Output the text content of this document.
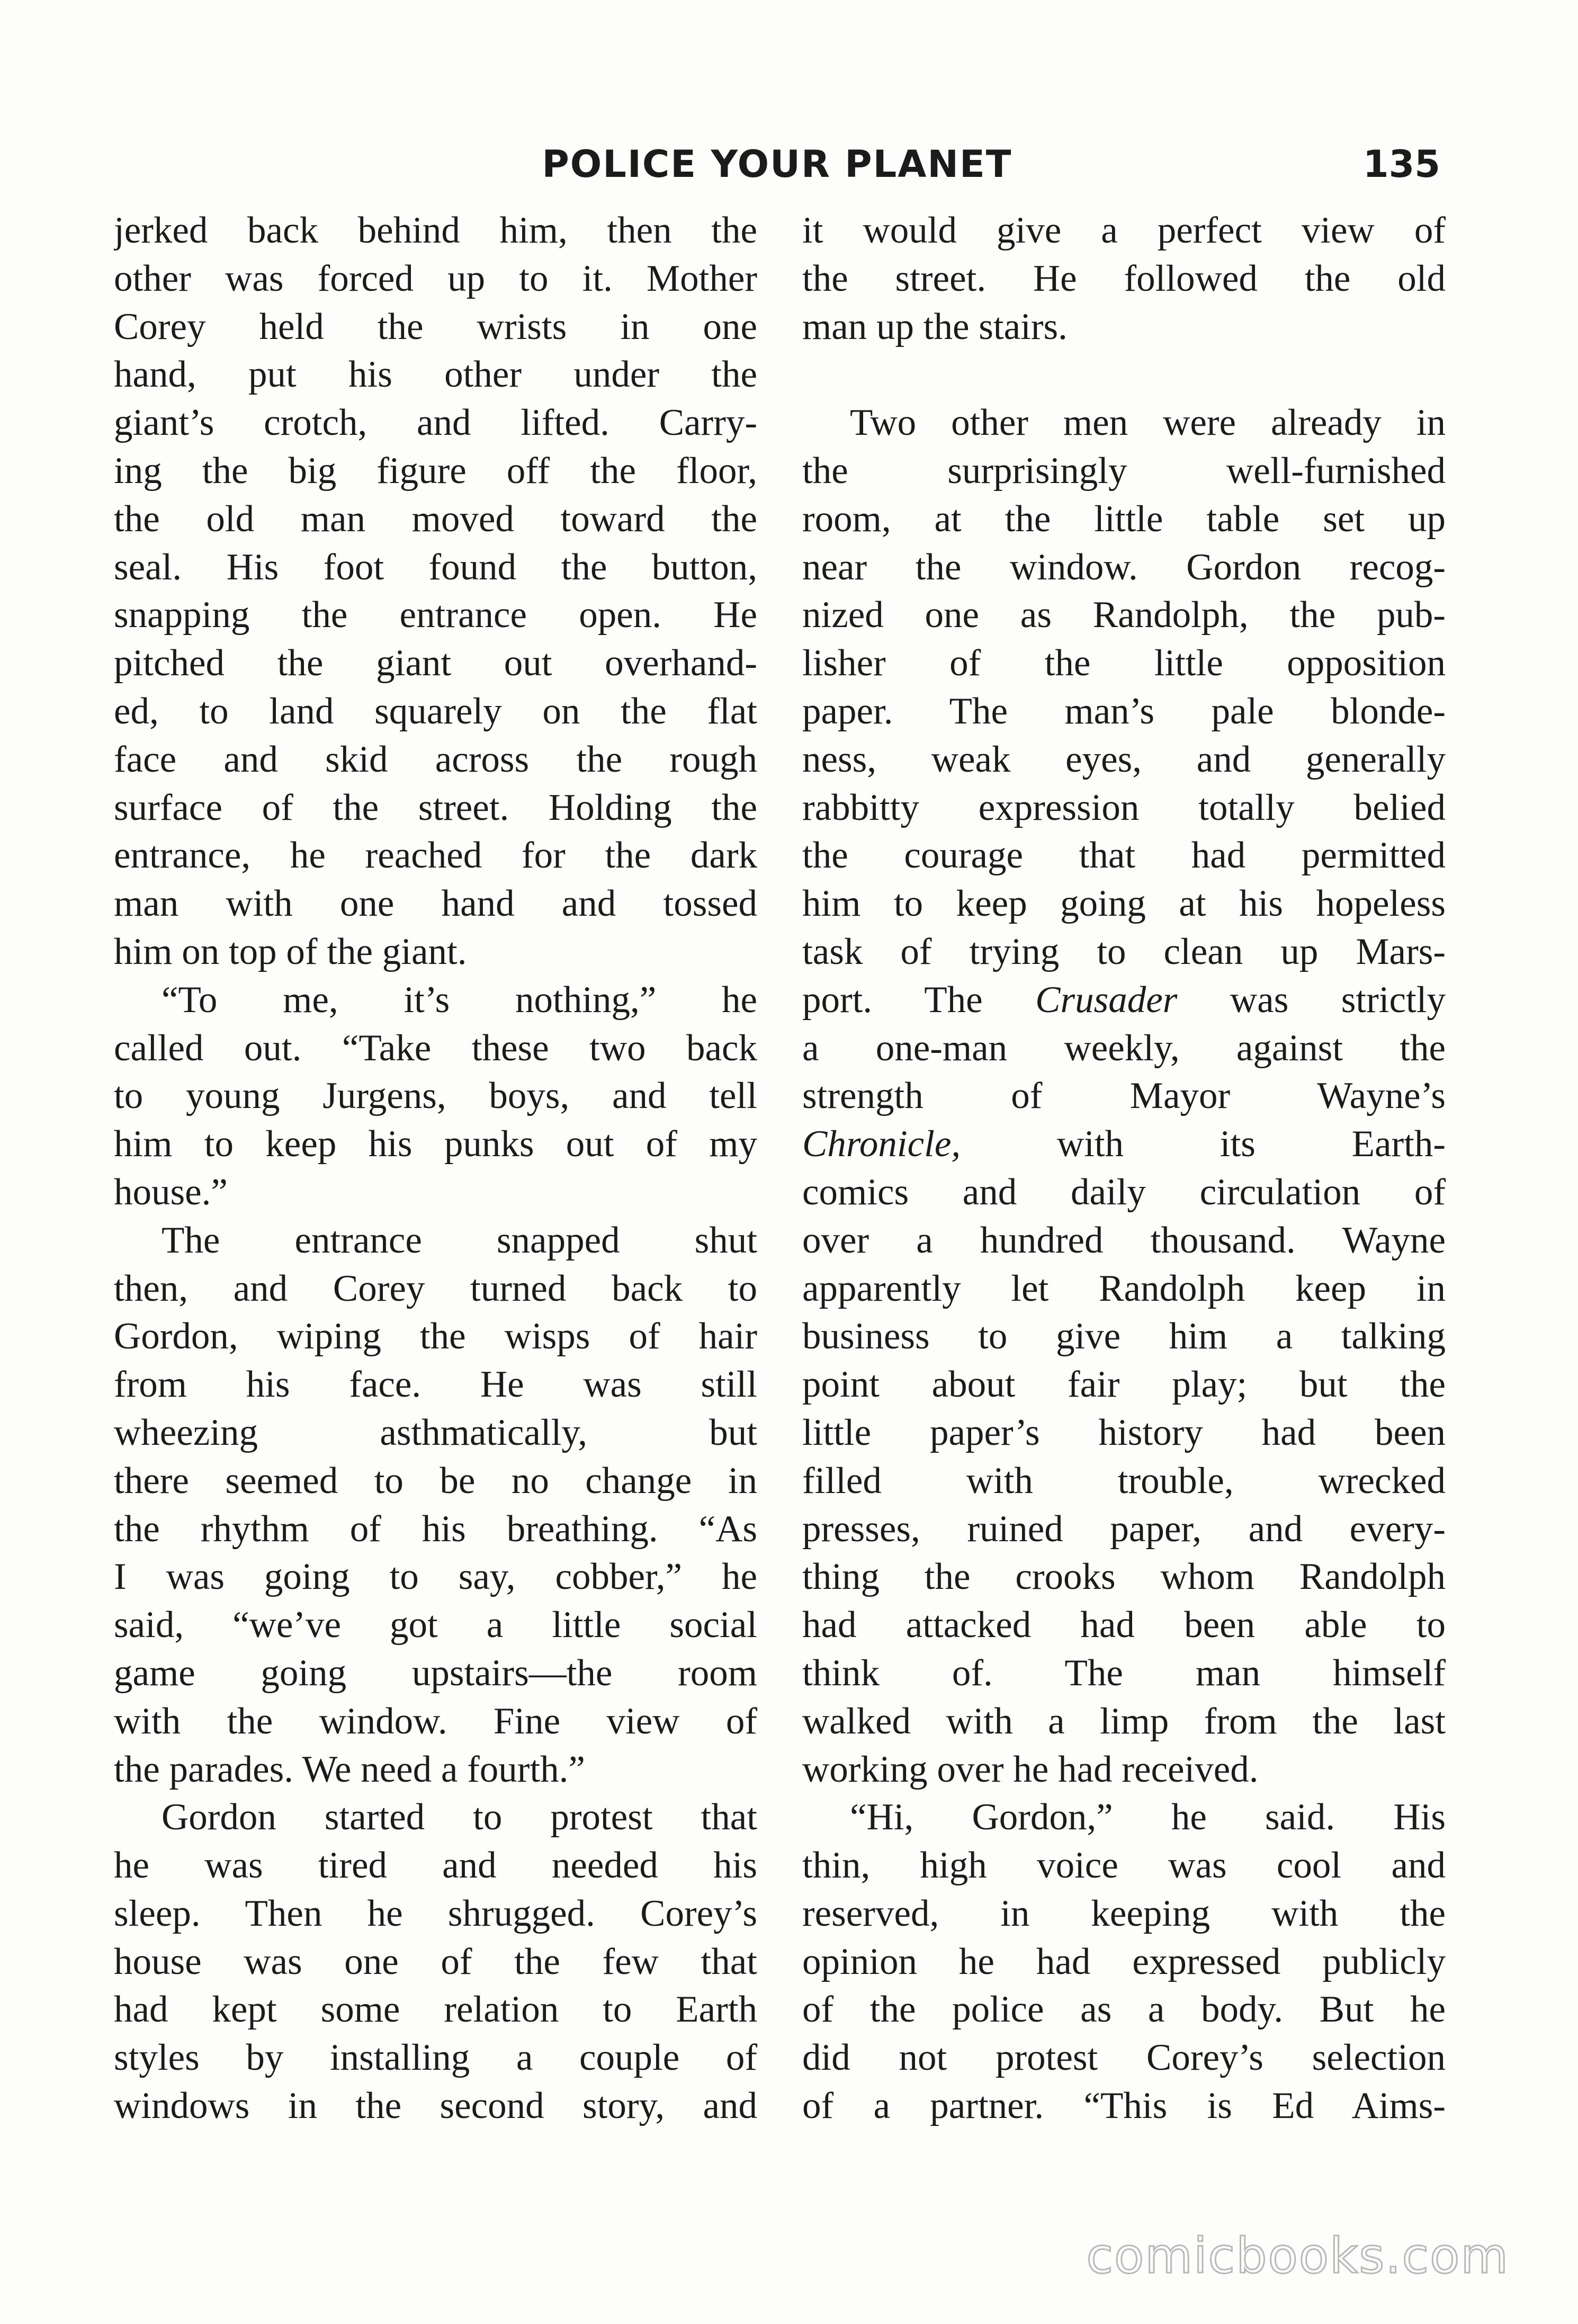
POLICE YOUR PLANET	135
jerked back behind him, then the
other was forced up to it. Mother
Corey held the wrists in one
hand, put his other under the
giant’s crotch, and lifted. Carry-
ing the big figure off the floor,
the old man moved toward the
seal. His foot found the button,
snapping the entrance open. He
pitched the giant out overhand-
ed, to land squarely on the flat
face and skid across the rough
surface of the street. Holding the
entrance, he reached for the dark
man with one hand and tossed
him on top of the giant.
“To me, it’s nothing,” he
called out. “Take these two back
to young Jurgens, boys, and tell
him to keep his punks out of my
house.”
The entrance snapped shut
then, and Corey turned back to
Gordon, wiping the wisps of hair
from his face. He was still
wheezing asthmatically, but
there seemed to be no change in
the rhythm of his breathing. “As
I was going to say, cobber,” he
said, “we’ve got a little social
game going upstairs—the room
with the window. Fine view of
the parades. We need a fourth.”
Gordon started to protest that
he was tired and needed his
sleep. Then he shrugged. Corey’s
house was one of the few that
had kept some relation to Earth
styles by installing a couple of
windows in the second story, and
it would give a perfect view of
the street. He followed the old
man up the stairs.
Two other men were already in
the surprisingly well-furnished
room, at the little table set up
near the window. Gordon recog-
nized one as Randolph, the pub-
lisher of the little opposition
paper. The man’s pale blonde-
ness, weak eyes, and generally
rabbitty expression totally belied
the courage that had permitted
him to keep going at his hopeless
task of trying to clean up Mars-
port. The Crusader was strictly
a one-man weekly, against the
strength of Mayor Wayne’s
Chronicle, with its Earth-
comics and daily circulation of
over a hundred thousand. Wayne
apparently let Randolph keep in
business to give him a talking
point about fair play; but the
little paper’s history had been
filled with trouble, wrecked
presses, ruined paper, and every-
thing the crooks whom Randolph
had attacked had been able to
think of. The man himself
walked with a limp from the last
working over he had received.
“Hi, Gordon,” he said. His
thin, high voice was cool and
reserved, in keeping with the
opinion he had expressed publicly
of the police as a body. But he
did not protest Corey’s selection
of a partner. “This is Ed Aims-
comicbooks.com
